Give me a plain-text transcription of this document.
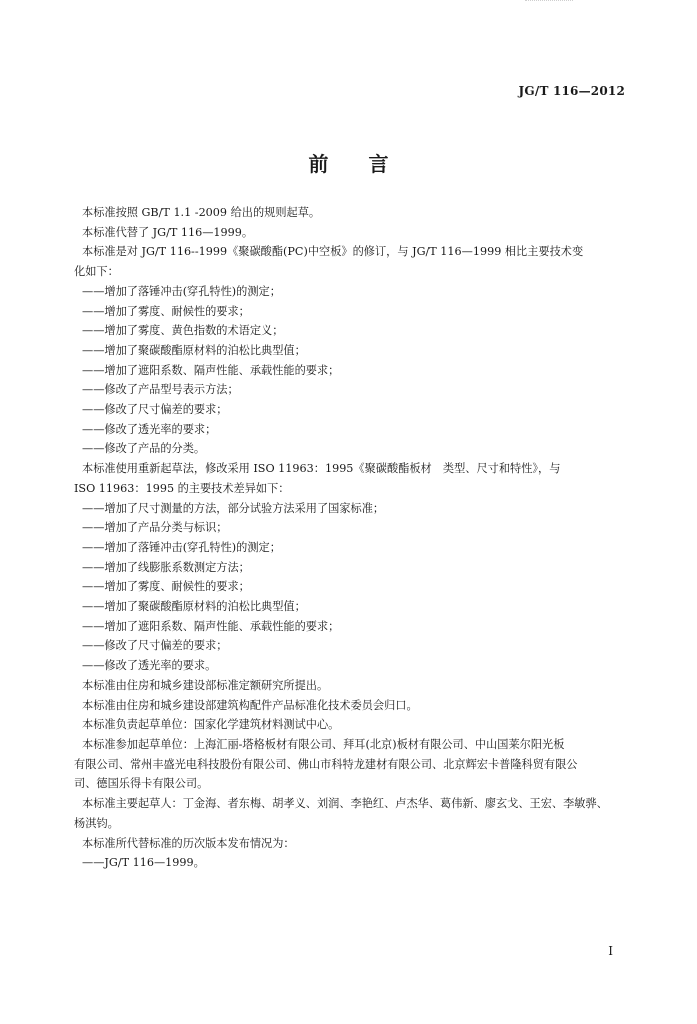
JG/T 116—2012
前言

本标准按照 GB/T 1.1 -2009 给出的规则起草。

本标准代替了 JG/T 116—1999。

本标准是对 JG/T 116--1999《聚碳酸酯(PC)中空板》的修订，与 JG/T 116—1999 相比主要技术变

化如下：

——增加了落锤冲击(穿孔特性)的测定；

——增加了雾度、耐候性的要求；

——增加了雾度、黄色指数的术语定义；

——增加了聚碳酸酯原材料的泊松比典型值；

——增加了遮阳系数、隔声性能、承载性能的要求；

——修改了产品型号表示方法；

——修改了尺寸偏差的要求；

——修改了透光率的要求；

——修改了产品的分类。

本标准使用重新起草法，修改采用 ISO 11963：1995《聚碳酸酯板材　类型、尺寸和特性》，与

ISO 11963：1995 的主要技术差异如下：

——增加了尺寸测量的方法，部分试验方法采用了国家标准；

——增加了产品分类与标识；

——增加了落锤冲击(穿孔特性)的测定；

——增加了线膨胀系数测定方法；

——增加了雾度、耐候性的要求；

——增加了聚碳酸酯原材料的泊松比典型值；

——增加了遮阳系数、隔声性能、承载性能的要求；

——修改了尺寸偏差的要求；

——修改了透光率的要求。

本标准由住房和城乡建设部标准定额研究所提出。

本标准由住房和城乡建设部建筑构配件产品标准化技术委员会归口。

本标准负责起草单位：国家化学建筑材料测试中心。

本标准参加起草单位：上海汇丽-塔格板材有限公司、拜耳(北京)板材有限公司、中山国莱尔阳光板

有限公司、常州丰盛光电科技股份有限公司、佛山市科特龙建材有限公司、北京辉宏卡普隆科贸有限公

司、德国乐得卡有限公司。

本标准主要起草人：丁金海、者东梅、胡孝义、刘润、李艳红、卢杰华、葛伟新、廖玄戈、王宏、李敏骅、

杨淇钧。

本标准所代替标准的历次版本发布情况为：

——JG/T 116—1999。

I
